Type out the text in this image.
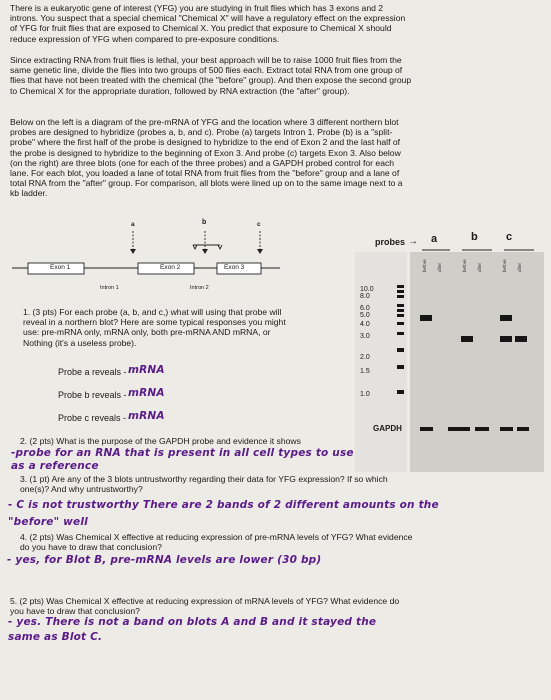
There is a eukaryotic gene of interest (YFG) you are studying in fruit flies which has 3 exons and 2
introns. You suspect that a special chemical "Chemical X" will have a regulatory effect on the expression
of YFG for fruit flies that are exposed to Chemical X. You predict that exposure to Chemical X should
reduce expression of YFG when compared to pre-exposure conditions.

Since extracting RNA from fruit flies is lethal, your best approach will be to raise 1000 fruit flies from the
same genetic line, divide the flies into two groups of 500 flies each. Extract total RNA from one group of
flies that have not been treated with the chemical (the "before" group). And then expose the second group
to Chemical X for the appropriate duration, followed by RNA extraction (the "after" group).

Below on the left is a diagram of the pre-mRNA of YFG and the location where 3 different northern blot
probes are designed to hybridize (probes a, b, and c). Probe (a) targets Intron 1. Probe (b) is a "split-
probe" where the first half of the probe is designed to hybridize to the end of Exon 2 and the last half of
the probe is designed to hybridize to the beginning of Exon 3. And probe (c) targets Exon 3. Also below
(on the right) are three blots (one for each of the three probes) and a GAPDH probed control for each
lane. For each blot, you loaded a lane of total RNA from fruit flies from the "before" group and a lane of
total RNA from the "after" group. For comparison, all blots were lined up on to the same image next to a
kb ladder.

a	b	c
Exon 1	Exon 2	Exon 3
Intron 1	Intron 2
probes → a	b	c
10.0
8.0
6.0
5.0
4.0
3.0
2.0
1.5
1.0
before after	before after	before after
GAPDH

1. (3 pts) For each probe (a, b, and c,) what will using that probe will
reveal in a northern blot? Here are some typical responses you might
use: pre-mRNA only, mRNA only, both pre-mRNA AND mRNA, or
Nothing (it's a useless probe).

Probe a reveals - mRNA
Probe b reveals - mRNA
Probe c reveals - mRNA

2. (2 pts) What is the purpose of the GAPDH probe and evidence it shows

-probe for an RNA that is present in all cell types to use
as a reference

3. (1 pt) Are any of the 3 blots untrustworthy regarding their data for YFG expression? If so which
one(s)? And why untrustworthy?

- C is not trustworthy There are 2 bands of 2 different amounts on the
"before" well

4. (2 pts) Was Chemical X effective at reducing expression of pre-mRNA levels of YFG? What evidence
do you have to draw that conclusion?

- yes, for Blot B, pre-mRNA levels are lower (30 bp)

5. (2 pts) Was Chemical X effective at reducing expression of mRNA levels of YFG? What evidence do
you have to draw that conclusion?

- yes. There is not a band on blots A and B and it stayed the
same as Blot C.
